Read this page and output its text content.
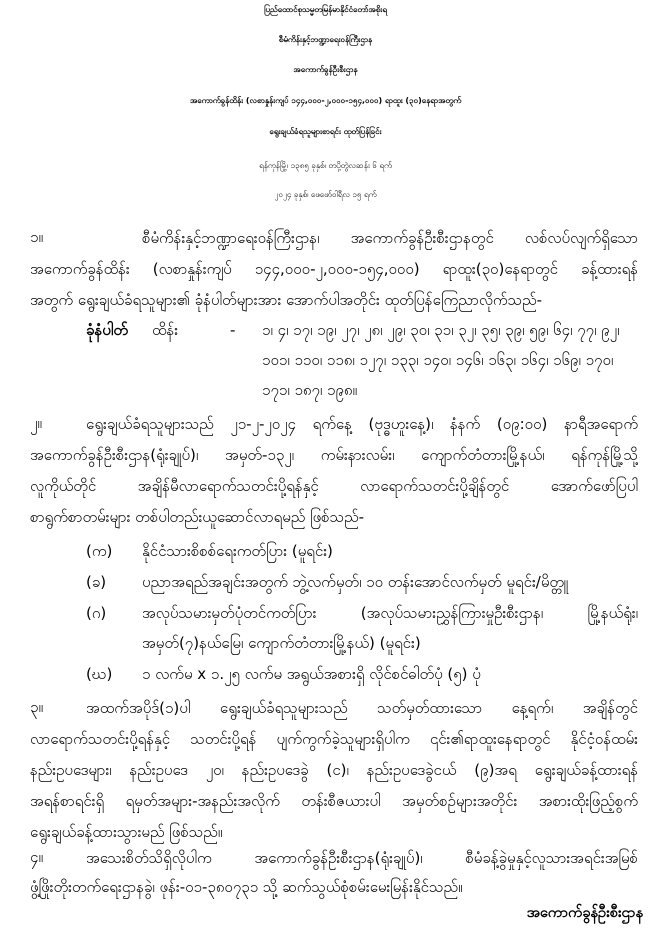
ပြည်ထောင်စုသမ္မတမြန်မာနိုင်ငံတော်အစိုးရ
စီမံကိန်းနှင့်ဘဏ္ဍာရေးဝန်ကြီးဌာန
အကောက်ခွန်ဦးစီးဌာန
အကောက်ခွန်ထိန်း (လစာနှုန်းကျပ် ၁၄၄,၀၀၀-၂,၀၀၀-၁၅၄,၀၀၀) ရာထူး (၃၀)နေရာအတွက်
ရွေးချယ်ခံရသူများစာရင်း ထုတ်ပြန်ခြင်း
ရန်ကုန်မြို့၊ ၁၃၈၅ ခုနှစ်၊ တပို့တွဲလဆန်း ၆ ရက်
၂၀၂၄ ခုနှစ်၊ ဖေဖော်ဝါရီလ ၁၅ ရက်
၁။	စီမံကိန်းနှင့်ဘဏ္ဍာရေးဝန်ကြီးဌာန၊ အကောက်ခွန်ဦးစီးဌာနတွင် လစ်လပ်လျက်ရှိသော
အကောက်ခွန်ထိန်း (လစာနှုန်းကျပ် ၁၄၄,၀၀၀-၂,၀၀၀-၁၅၄,၀၀၀) ရာထူး(၃၀)နေရာတွင် ခန့်ထားရန်
အတွက် ရွေးချယ်ခံရသူများ၏ ခုံနံပါတ်များအား အောက်ပါအတိုင်း ထုတ်ပြန်ကြေညာလိုက်သည်-
ခုံနံပါတ် ထိန်း	- ၁၊ ၄၊ ၁၇၊ ၁၉၊ ၂၇၊ ၂၈၊ ၂၉၊ ၃၀၊ ၃၁၊ ၃၂၊ ၃၅၊ ၃၉၊ ၅၉၊ ၆၄၊ ၇၇၊ ၉၂၊
၁၀၁၊ ၁၁၀၊ ၁၁၈၊ ၁၂၇၊ ၁၃၃၊ ၁၄၀၊ ၁၄၆၊ ၁၆၃၊ ၁၆၄၊ ၁၆၉၊ ၁၇၀၊
၁၇၁၊ ၁၈၇၊ ၁၉၈။
၂။	ရွေးချယ်ခံရသူများသည် ၂၁-၂-၂၀၂၄ ရက်နေ့ (ဗုဒ္ဓဟူးနေ့)၊ နံနက် (၀၉:၀၀) နာရီအရောက်
အကောက်ခွန်ဦးစီးဌာန(ရုံးချုပ်)၊ အမှတ်-၁၃၂၊ ကမ်းနားလမ်း၊ ကျောက်တံတားမြို့နယ်၊ ရန်ကုန်မြို့သို့
လူကိုယ်တိုင် အချိန်မီလာရောက်သတင်းပို့ရန်နှင့် လာရောက်သတင်းပို့ချိန်တွင် အောက်ဖော်ပြပါ
စာရွက်စာတမ်းများ တစ်ပါတည်းယူဆောင်လာရမည် ဖြစ်သည်-
(က) နိုင်ငံသားစိစစ်ရေးကတ်ပြား (မူရင်း)
(ခ) ပညာအရည်အချင်းအတွက် ဘွဲ့လက်မှတ်၊ ၁၀ တန်းအောင်လက်မှတ် မူရင်း/မိတ္တူ
(ဂ) အလုပ်သမားမှတ်ပုံတင်ကတ်ပြား (အလုပ်သမားညွှန်ကြားမှုဦးစီးဌာန၊ မြို့နယ်ရုံး၊
အမှတ်(၇)နယ်မြေ၊ ကျောက်တံတားမြို့နယ်) (မူရင်း)
(ဃ) ၁ လက်မ x ၁.၂၅ လက်မ အရွယ်အစားရှိ လိုင်စင်ဓါတ်ပုံ (၅) ပုံ
၃။	အထက်အပိုဒ်(၁)ပါ ရွေးချယ်ခံရသူများသည် သတ်မှတ်ထားသော နေ့ရက်၊ အချိန်တွင်
လာရောက်သတင်းပို့ရန်နှင့် သတင်းပို့ရန် ပျက်ကွက်ခဲ့သူများရှိပါက ၎င်း၏ရာထူးနေရာတွင် နိုင်ငံ့ဝန်ထမ်း
နည်းဥပဒေများ၊ နည်းဥပဒေ ၂၀၊ နည်းဥပဒေခွဲ (င)၊ နည်းဥပဒေခွဲငယ် (၉)အရ ရွေးချယ်ခန့်ထားရန်
အရန်စာရင်းရှိ ရမှတ်အများ-အနည်းအလိုက် တန်းစီဇယားပါ အမှတ်စဉ်များအတိုင်း အစားထိုးဖြည့်စွက်
ရွေးချယ်ခန့်ထားသွားမည် ဖြစ်သည်။
၄။	အသေးစိတ်သိရှိလိုပါက အကောက်ခွန်ဦးစီးဌာန(ရုံးချုပ်)၊ စီမံခန့်ခွဲမှုနှင့်လူသားအရင်းအမြစ်
ဖွံ့ဖြိုးတိုးတက်ရေးဌာနခွဲ၊ ဖုန်း-၀၁-၃၈၀၇၃၁ သို့ ဆက်သွယ်စုံစမ်းမေးမြန်းနိုင်သည်။
အကောက်ခွန်ဦးစီးဌာန
